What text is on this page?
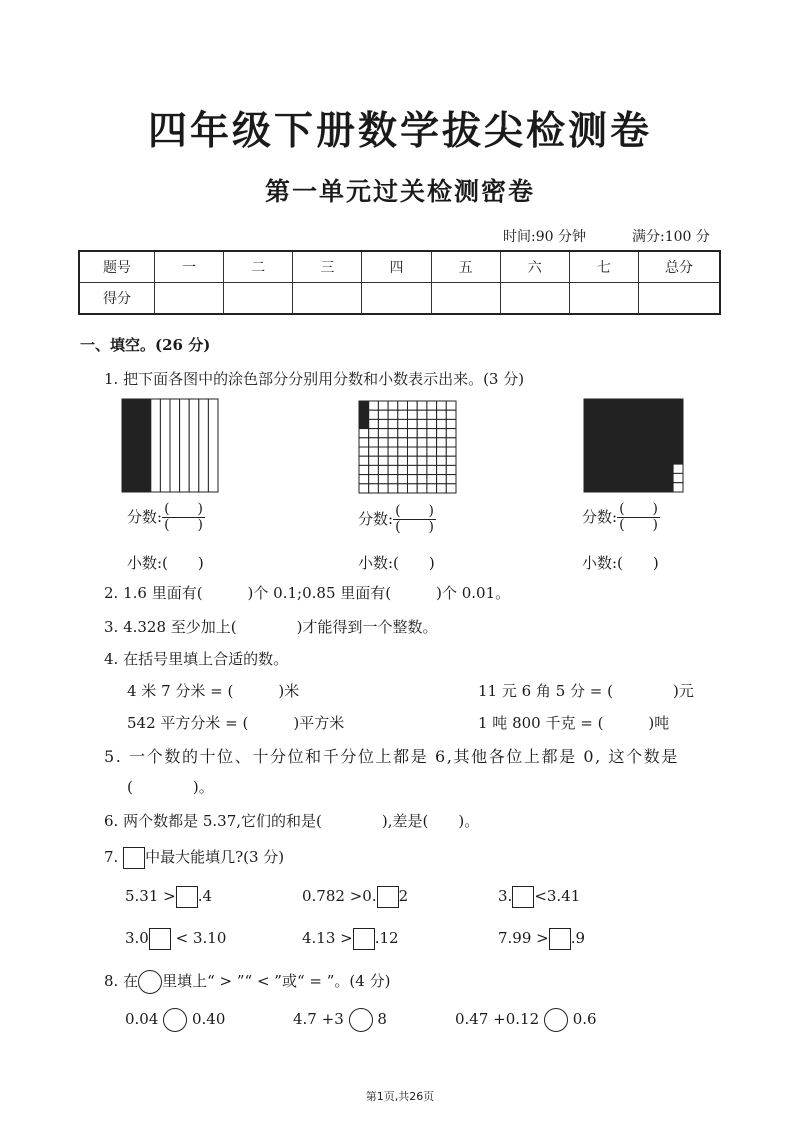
四年级下册数学拔尖检测卷
第一单元过关检测密卷
时间:90 分钟	满分:100 分
题号	一	二	三	四	五	六	七	总分
得分								
一、填空。(26 分)
1. 把下面各图中的涂色部分分别用分数和小数表示出来。(3 分)
分数: $\frac{( )}{( )}$	分数: $\frac{( )}{( )}$	分数: $\frac{( )}{( )}$
小数:(　　)	小数:(　　)	小数:(　　)
2. 1.6 里面有(　　　)个 0.1;0.85 里面有(　　　)个 0.01。
3. 4.328 至少加上(　　　　)才能得到一个整数。
4. 在括号里填上合适的数。
4 米 7 分米 = (　　　)米	11 元 6 角 5 分 = (　　　　)元
542 平方分米 = (　　　)平方米	1 吨 800 千克 = (　　　)吨
5. 一个数的十位、十分位和千分位上都是 6,其他各位上都是 0, 这个数是
(　　　　)。
6. 两个数都是 5.37,它们的和是(　　　　),差是(　　)。
7. 中最大能填几?(3 分)
5.31 > .4	0.782 >0. 2	3. <3.41
3.0 < 3.10	4.13 > .12	7.99 > .9
8. 在 里填上“ > ”“ < ”或“ = ”。(4 分)
0.04 0.40	4.7 +3 8	0.47 +0.12 0.6
第1页,共26页
